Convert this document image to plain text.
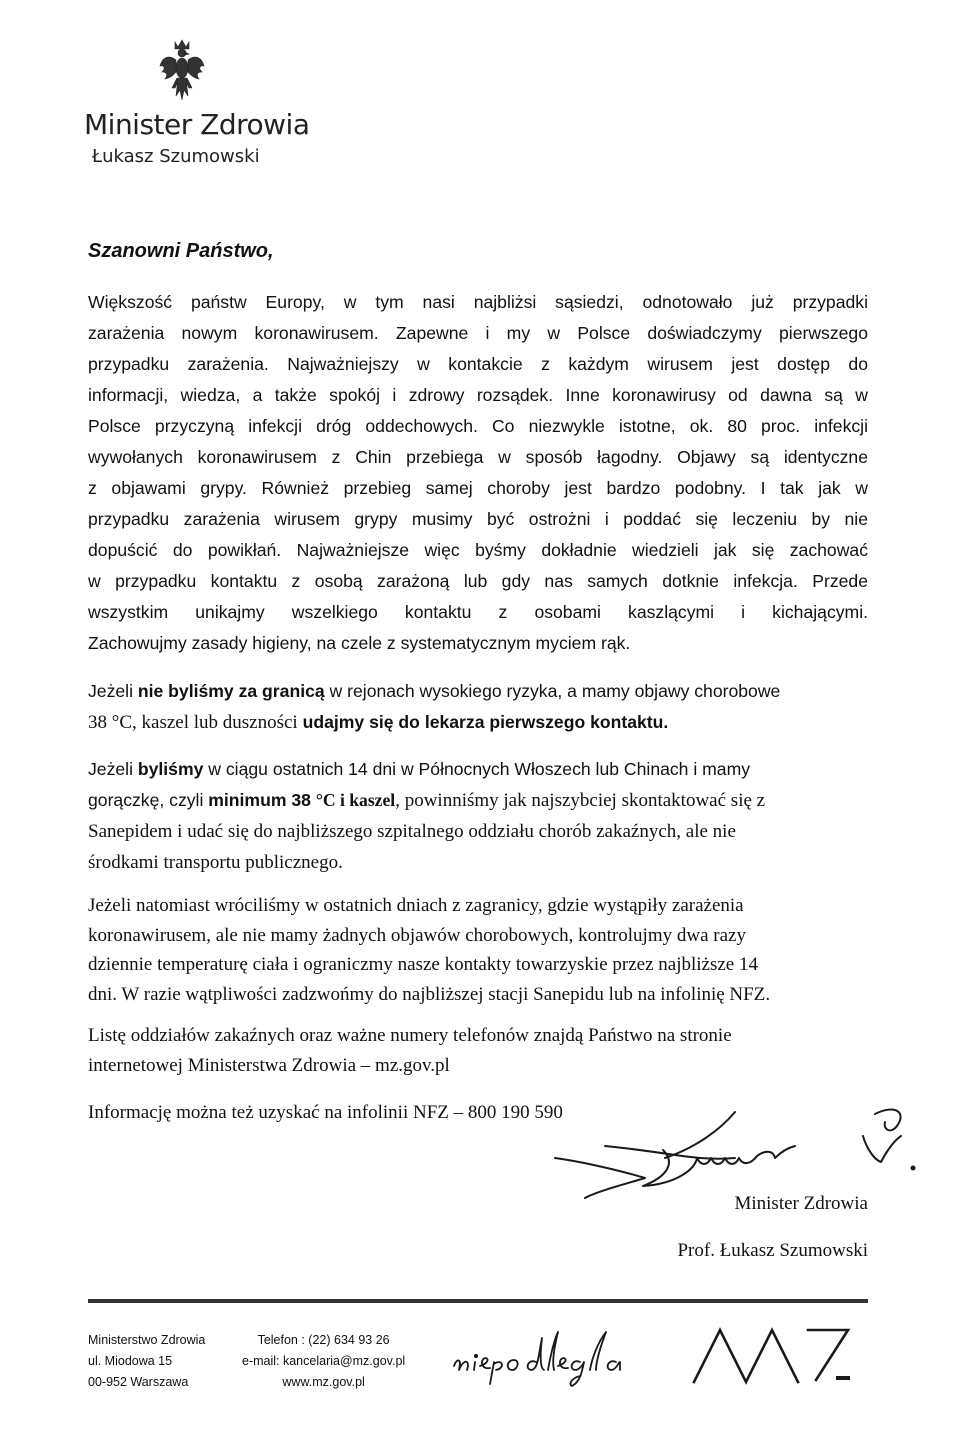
Minister Zdrowia
Łukasz Szumowski
Szanowni Państwo,
Większość państw Europy, w tym nasi najbliżsi sąsiedzi, odnotowało już przypadki
zarażenia nowym koronawirusem. Zapewne i my w Polsce doświadczymy pierwszego
przypadku zarażenia. Najważniejszy w kontakcie z każdym wirusem jest dostęp do
informacji, wiedza, a także spokój i zdrowy rozsądek. Inne koronawirusy od dawna są w
Polsce przyczyną infekcji dróg oddechowych. Co niezwykle istotne, ok. 80 proc. infekcji
wywołanych koronawirusem z Chin przebiega w sposób łagodny. Objawy są identyczne
z objawami grypy. Również przebieg samej choroby jest bardzo podobny. I tak jak w
przypadku zarażenia wirusem grypy musimy być ostrożni i poddać się leczeniu by nie
dopuścić do powikłań. Najważniejsze więc byśmy dokładnie wiedzieli jak się zachować
w przypadku kontaktu z osobą zarażoną lub gdy nas samych dotknie infekcja. Przede
wszystkim unikajmy wszelkiego kontaktu z osobami kaszlącymi i kichającymi.
Zachowujmy zasady higieny, na czele z systematycznym myciem rąk.
Jeżeli nie byliśmy za granicą w rejonach wysokiego ryzyka, a mamy objawy chorobowe
38 °C, kaszel lub duszności udajmy się do lekarza pierwszego kontaktu.
Jeżeli byliśmy w ciągu ostatnich 14 dni w Północnych Włoszech lub Chinach i mamy
gorączkę, czyli minimum 38 °C i kaszel, powinniśmy jak najszybciej skontaktować się z
Sanepidem i udać się do najbliższego szpitalnego oddziału chorób zakaźnych, ale nie
środkami transportu publicznego.
Jeżeli natomiast wróciliśmy w ostatnich dniach z zagranicy, gdzie wystąpiły zarażenia
koronawirusem, ale nie mamy żadnych objawów chorobowych, kontrolujmy dwa razy
dziennie temperaturę ciała i ograniczmy nasze kontakty towarzyskie przez najbliższe 14
dni. W razie wątpliwości zadzwońmy do najbliższej stacji Sanepidu lub na infolinię NFZ.
Listę oddziałów zakaźnych oraz ważne numery telefonów znajdą Państwo na stronie
internetowej Ministerstwa Zdrowia – mz.gov.pl
Informację można też uzyskać na infolinii NFZ – 800 190 590
Minister Zdrowia
Prof. Łukasz Szumowski
Ministerstwo Zdrowia
ul. Miodowa 15
00-952 Warszawa
Telefon : (22) 634 93 26
e-mail: kancelaria@mz.gov.pl
www.mz.gov.pl
